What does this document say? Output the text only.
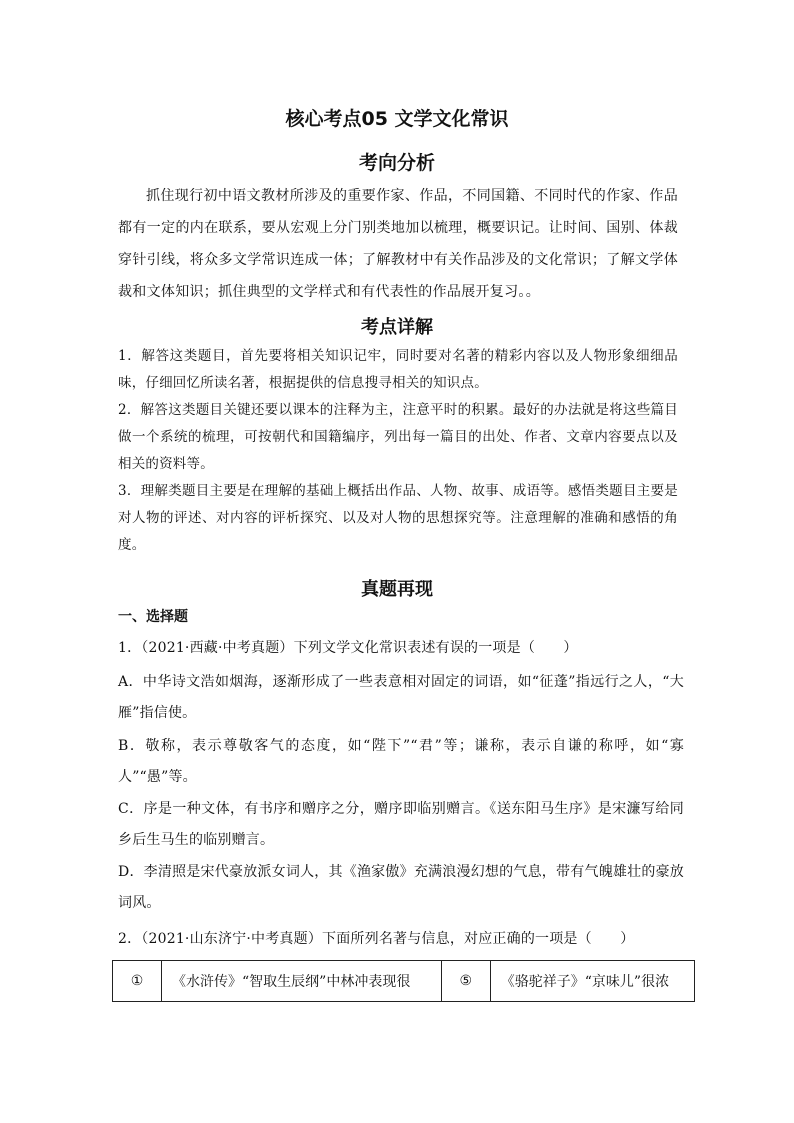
核心考点05 文学文化常识
考向分析
抓住现行初中语文教材所涉及的重要作家、作品，不同国籍、不同时代的作家、作品都有一定的内在联系，要从宏观上分门别类地加以梳理，概要识记。让时间、国别、体裁穿针引线，将众多文学常识连成一体；了解教材中有关作品涉及的文化常识；了解文学体裁和文体知识；抓住典型的文学样式和有代表性的作品展开复习。。
考点详解
1．解答这类题目，首先要将相关知识记牢，同时要对名著的精彩内容以及人物形象细细品味，仔细回忆所读名著，根据提供的信息搜寻相关的知识点。
2．解答这类题目关键还要以课本的注释为主，注意平时的积累。最好的办法就是将这些篇目做一个系统的梳理，可按朝代和国籍编序，列出每一篇目的出处、作者、文章内容要点以及相关的资料等。
3．理解类题目主要是在理解的基础上概括出作品、人物、故事、成语等。感悟类题目主要是对人物的评述、对内容的评析探究、以及对人物的思想探究等。注意理解的准确和感悟的角度。
真题再现
一、选择题
1．（2021·西藏·中考真题）下列文学文化常识表述有误的一项是（　　）
A．中华诗文浩如烟海，逐渐形成了一些表意相对固定的词语，如“征蓬”指远行之人，“大雁”指信使。
B．敬称，表示尊敬客气的态度，如“陛下”“君”等；谦称，表示自谦的称呼，如“寡人”“愚”等。
C．序是一种文体，有书序和赠序之分，赠序即临别赠言。《送东阳马生序》是宋濂写给同乡后生马生的临别赠言。
D．李清照是宋代豪放派女词人，其《渔家傲》充满浪漫幻想的气息，带有气魄雄壮的豪放词风。
2．（2021·山东济宁·中考真题）下面所列名著与信息，对应正确的一项是（　　）
①	《水浒传》“智取生辰纲”中林冲表现很	⑤	《骆驼祥子》“京味儿”很浓
